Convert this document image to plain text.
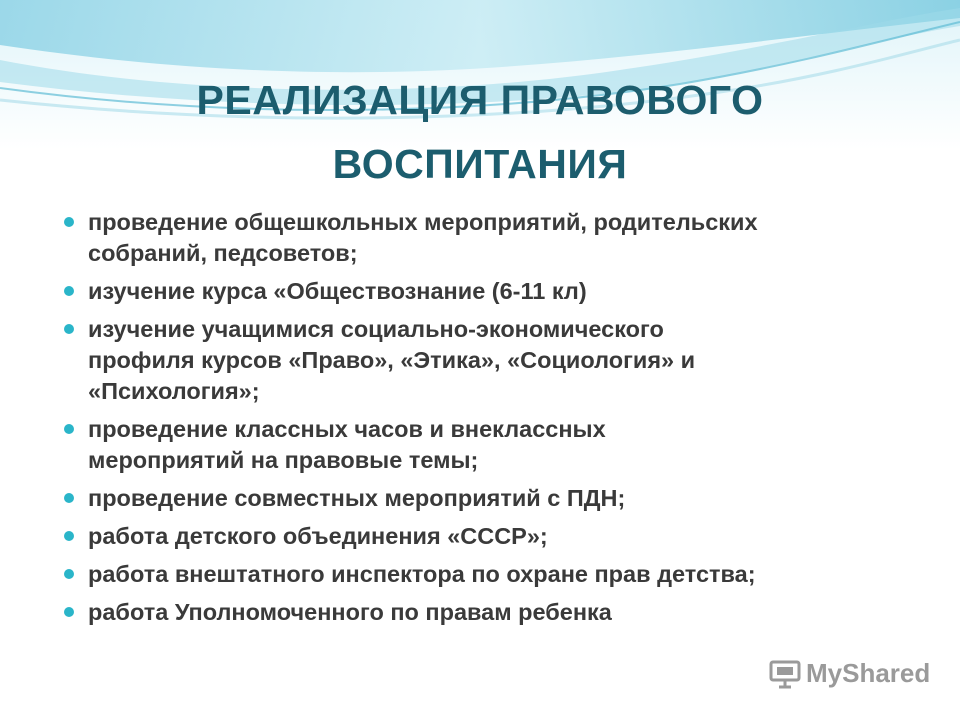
РЕАЛИЗАЦИЯ ПРАВОВОГО
ВОСПИТАНИЯ
проведение общешкольных мероприятий, родительских
собраний, педсоветов;
изучение курса «Обществознание (6-11 кл)
изучение учащимися социально-экономического
профиля курсов «Право», «Этика», «Социология» и
«Психология»;
проведение классных часов и внеклассных
мероприятий на правовые темы;
проведение совместных мероприятий с ПДН;
работа детского объединения «СССР»;
работа внештатного инспектора по охране прав детства;
работа Уполномоченного по правам ребенка
MyShared
